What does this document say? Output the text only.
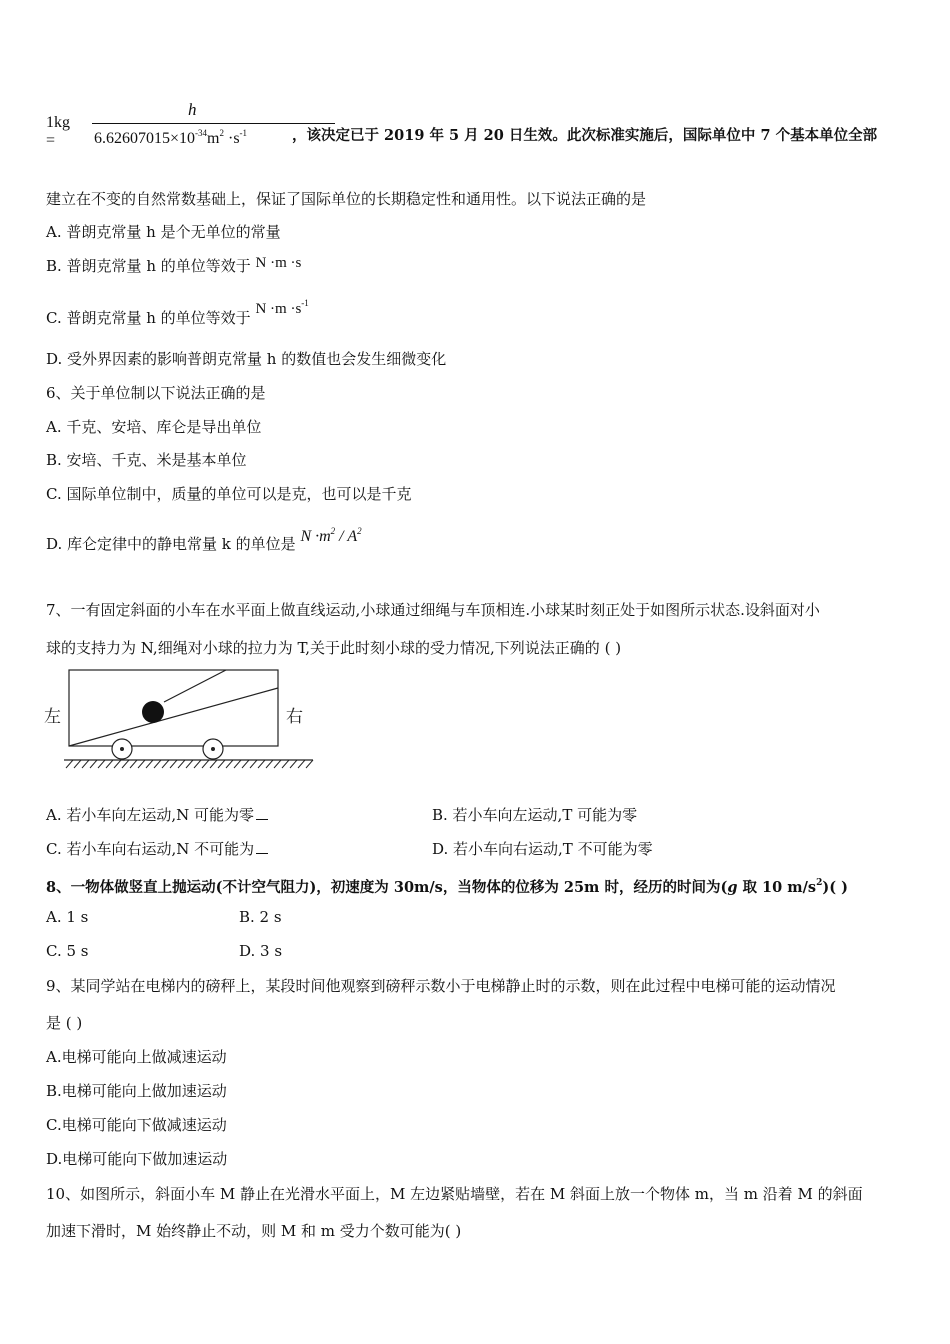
1kg =
h
$6.62607015\times 10^{-34}m^2 \cdot s^{-1}$	，该决定已于 2019 年 5 月 20 日生效。此次标准实施后，国际单位中 7 个基本单位全部
建立在不变的自然常数基础上，保证了国际单位的长期稳定性和通用性。以下说法正确的是
A. 普朗克常量 h 是个无单位的常量
B. 普朗克常量 h 的单位等效于 N ·m ·s
C. 普朗克常量 h 的单位等效于 $N \cdot m \cdot s^{-1}$
D. 受外界因素的影响普朗克常量 h 的数值也会发生细微变化
6、关于单位制以下说法正确的是
A. 千克、安培、库仑是导出单位
B. 安培、千克、米是基本单位
C. 国际单位制中，质量的单位可以是克，也可以是千克
D. 库仑定律中的静电常量 k 的单位是 $N \cdot m^2 / A^2$
7、一有固定斜面的小车在水平面上做直线运动,小球通过细绳与车顶相连.小球某时刻正处于如图所示状态.设斜面对小
球的支持力为 N,细绳对小球的拉力为 T,关于此时刻小球的受力情况,下列说法正确的 ( )
左	右
A. 若小车向左运动,N 可能为零	B. 若小车向左运动,T 可能为零
C. 若小车向右运动,N 不可能为	D. 若小车向右运动,T 不可能为零
8、一物体做竖直上抛运动(不计空气阻力)，初速度为 30m/s，当物体的位移为 25m 时，经历的时间为(g 取 10 $m/s^2$)( )
A. 1 s	B. 2 s
C. 5 s	D. 3 s
9、某同学站在电梯内的磅秤上，某段时间他观察到磅秤示数小于电梯静止时的示数，则在此过程中电梯可能的运动情况
是 ( )
A.电梯可能向上做减速运动
B.电梯可能向上做加速运动
C.电梯可能向下做减速运动
D.电梯可能向下做加速运动
10、如图所示，斜面小车 M 静止在光滑水平面上，M 左边紧贴墙壁，若在 M 斜面上放一个物体 m，当 m 沿着 M 的斜面
加速下滑时，M 始终静止不动，则 M 和 m 受力个数可能为( )
